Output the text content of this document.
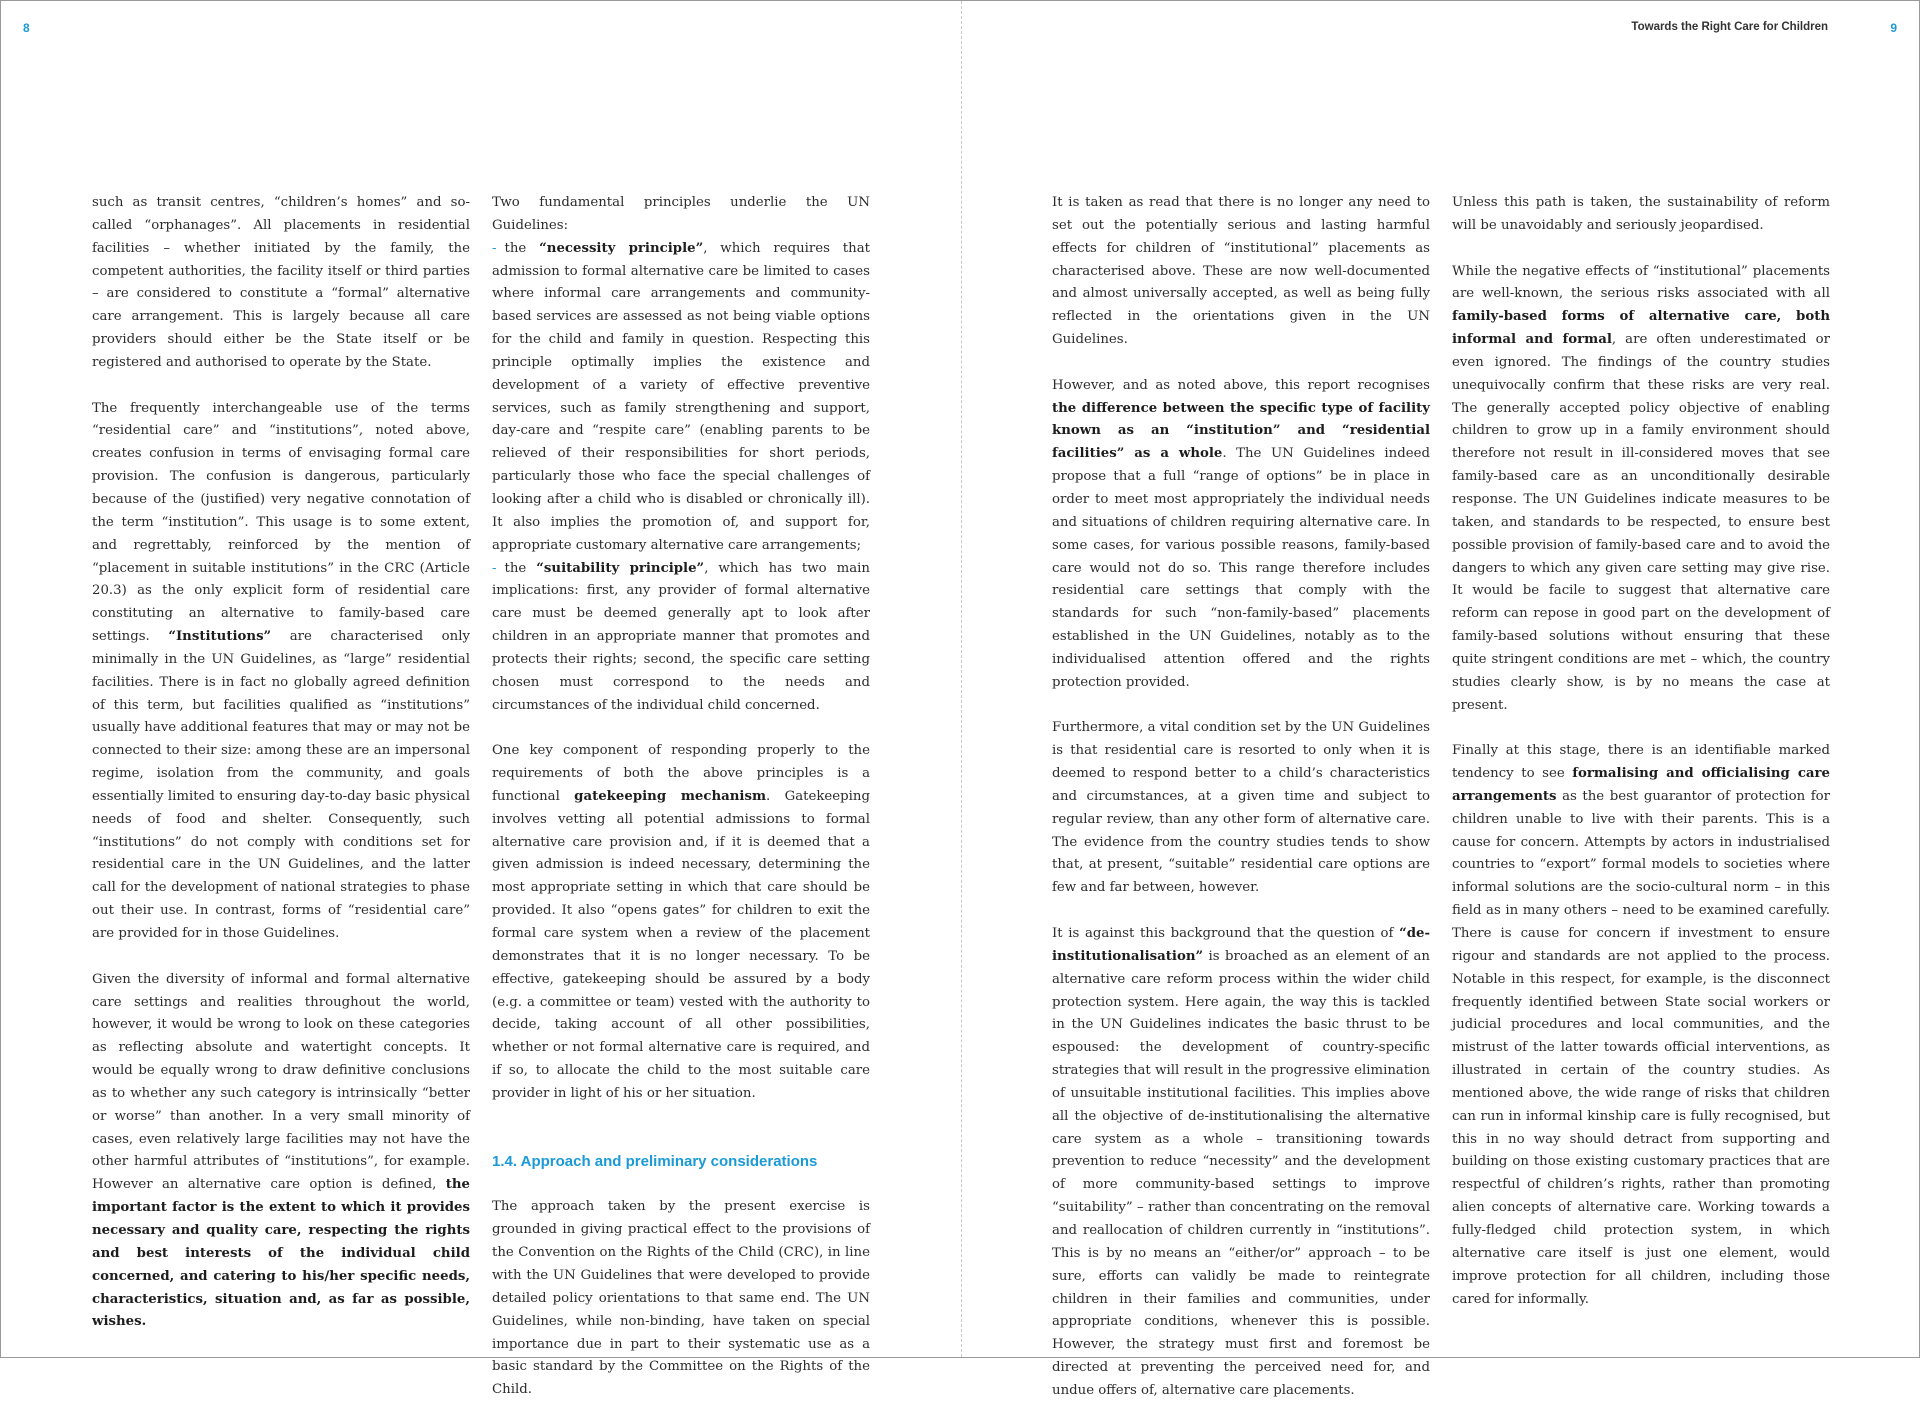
8

such as transit centres, “children’s homes” and so-called “orphanages”. All placements in residential facilities – whether initiated by the family, the competent authorities, the facility itself or third parties – are considered to constitute a “formal” alternative care arrangement. This is largely because all care providers should either be the State itself or be registered and authorised to operate by the State.

The frequently interchangeable use of the terms “residential care” and “institutions”, noted above, creates confusion in terms of envisaging formal care provision. The confusion is dangerous, particularly because of the (justified) very negative connotation of the term “institution”. This usage is to some extent, and regrettably, reinforced by the mention of “placement in suitable institutions” in the CRC (Article 20.3) as the only explicit form of residential care constituting an alternative to family-based care settings. “Institutions” are characterised only minimally in the UN Guidelines, as “large” residential facilities. There is in fact no globally agreed definition of this term, but facilities qualified as “institutions” usually have additional features that may or may not be connected to their size: among these are an impersonal regime, isolation from the community, and goals essentially limited to ensuring day-to-day basic physical needs of food and shelter. Consequently, such “institutions” do not comply with conditions set for residential care in the UN Guidelines, and the latter call for the development of national strategies to phase out their use. In contrast, forms of “residential care” are provided for in those Guidelines.

Given the diversity of informal and formal alternative care settings and realities throughout the world, however, it would be wrong to look on these categories as reflecting absolute and watertight concepts. It would be equally wrong to draw definitive conclusions as to whether any such category is intrinsically “better or worse” than another. In a very small minority of cases, even relatively large facilities may not have the other harmful attributes of “institutions”, for example. However an alternative care option is defined, the important factor is the extent to which it provides necessary and quality care, respecting the rights and best interests of the individual child concerned, and catering to his/her specific needs, characteristics, situation and, as far as possible, wishes.

Two fundamental principles underlie the UN Guidelines:
- the “necessity principle”, which requires that admission to formal alternative care be limited to cases where informal care arrangements and community-based services are assessed as not being viable options for the child and family in question. Respecting this principle optimally implies the existence and development of a variety of effective preventive services, such as family strengthening and support, day-care and “respite care” (enabling parents to be relieved of their responsibilities for short periods, particularly those who face the special challenges of looking after a child who is disabled or chronically ill). It also implies the promotion of, and support for, appropriate customary alternative care arrangements;
- the “suitability principle”, which has two main implications: first, any provider of formal alternative care must be deemed generally apt to look after children in an appropriate manner that promotes and protects their rights; second, the specific care setting chosen must correspond to the needs and circumstances of the individual child concerned.

One key component of responding properly to the requirements of both the above principles is a functional gatekeeping mechanism. Gatekeeping involves vetting all potential admissions to formal alternative care provision and, if it is deemed that a given admission is indeed necessary, determining the most appropriate setting in which that care should be provided. It also “opens gates” for children to exit the formal care system when a review of the placement demonstrates that it is no longer necessary. To be effective, gatekeeping should be assured by a body (e.g. a committee or team) vested with the authority to decide, taking account of all other possibilities, whether or not formal alternative care is required, and if so, to allocate the child to the most suitable care provider in light of his or her situation.

1.4. Approach and preliminary considerations

The approach taken by the present exercise is grounded in giving practical effect to the provisions of the Convention on the Rights of the Child (CRC), in line with the UN Guidelines that were developed to provide detailed policy orientations to that same end. The UN Guidelines, while non-binding, have taken on special importance due in part to their systematic use as a basic standard by the Committee on the Rights of the Child.

Towards the Right Care for Children	9

It is taken as read that there is no longer any need to set out the potentially serious and lasting harmful effects for children of “institutional” placements as characterised above. These are now well-documented and almost universally accepted, as well as being fully reflected in the orientations given in the UN Guidelines.

However, and as noted above, this report recognises the difference between the specific type of facility known as an “institution” and “residential facilities” as a whole. The UN Guidelines indeed propose that a full “range of options” be in place in order to meet most appropriately the individual needs and situations of children requiring alternative care. In some cases, for various possible reasons, family-based care would not do so. This range therefore includes residential care settings that comply with the standards for such “non-family-based” placements established in the UN Guidelines, notably as to the individualised attention offered and the rights protection provided.

Furthermore, a vital condition set by the UN Guidelines is that residential care is resorted to only when it is deemed to respond better to a child’s characteristics and circumstances, at a given time and subject to regular review, than any other form of alternative care. The evidence from the country studies tends to show that, at present, “suitable” residential care options are few and far between, however.

It is against this background that the question of “de-institutionalisation” is broached as an element of an alternative care reform process within the wider child protection system. Here again, the way this is tackled in the UN Guidelines indicates the basic thrust to be espoused: the development of country-specific strategies that will result in the progressive elimination of unsuitable institutional facilities. This implies above all the objective of de-institutionalising the alternative care system as a whole – transitioning towards prevention to reduce “necessity” and the development of more community-based settings to improve “suitability” – rather than concentrating on the removal and reallocation of children currently in “institutions”. This is by no means an “either/or” approach – to be sure, efforts can validly be made to reintegrate children in their families and communities, under appropriate conditions, whenever this is possible. However, the strategy must first and foremost be directed at preventing the perceived need for, and undue offers of, alternative care placements.

Unless this path is taken, the sustainability of reform will be unavoidably and seriously jeopardised.

While the negative effects of “institutional” placements are well-known, the serious risks associated with all family-based forms of alternative care, both informal and formal, are often underestimated or even ignored. The findings of the country studies unequivocally confirm that these risks are very real. The generally accepted policy objective of enabling children to grow up in a family environment should therefore not result in ill-considered moves that see family-based care as an unconditionally desirable response. The UN Guidelines indicate measures to be taken, and standards to be respected, to ensure best possible provision of family-based care and to avoid the dangers to which any given care setting may give rise. It would be facile to suggest that alternative care reform can repose in good part on the development of family-based solutions without ensuring that these quite stringent conditions are met – which, the country studies clearly show, is by no means the case at present.

Finally at this stage, there is an identifiable marked tendency to see formalising and officialising care arrangements as the best guarantor of protection for children unable to live with their parents. This is a cause for concern. Attempts by actors in industrialised countries to “export” formal models to societies where informal solutions are the socio-cultural norm – in this field as in many others – need to be examined carefully. There is cause for concern if investment to ensure rigour and standards are not applied to the process. Notable in this respect, for example, is the disconnect frequently identified between State social workers or judicial procedures and local communities, and the mistrust of the latter towards official interventions, as illustrated in certain of the country studies. As mentioned above, the wide range of risks that children can run in informal kinship care is fully recognised, but this in no way should detract from supporting and building on those existing customary practices that are respectful of children’s rights, rather than promoting alien concepts of alternative care. Working towards a fully-fledged child protection system, in which alternative care itself is just one element, would improve protection for all children, including those cared for informally.
